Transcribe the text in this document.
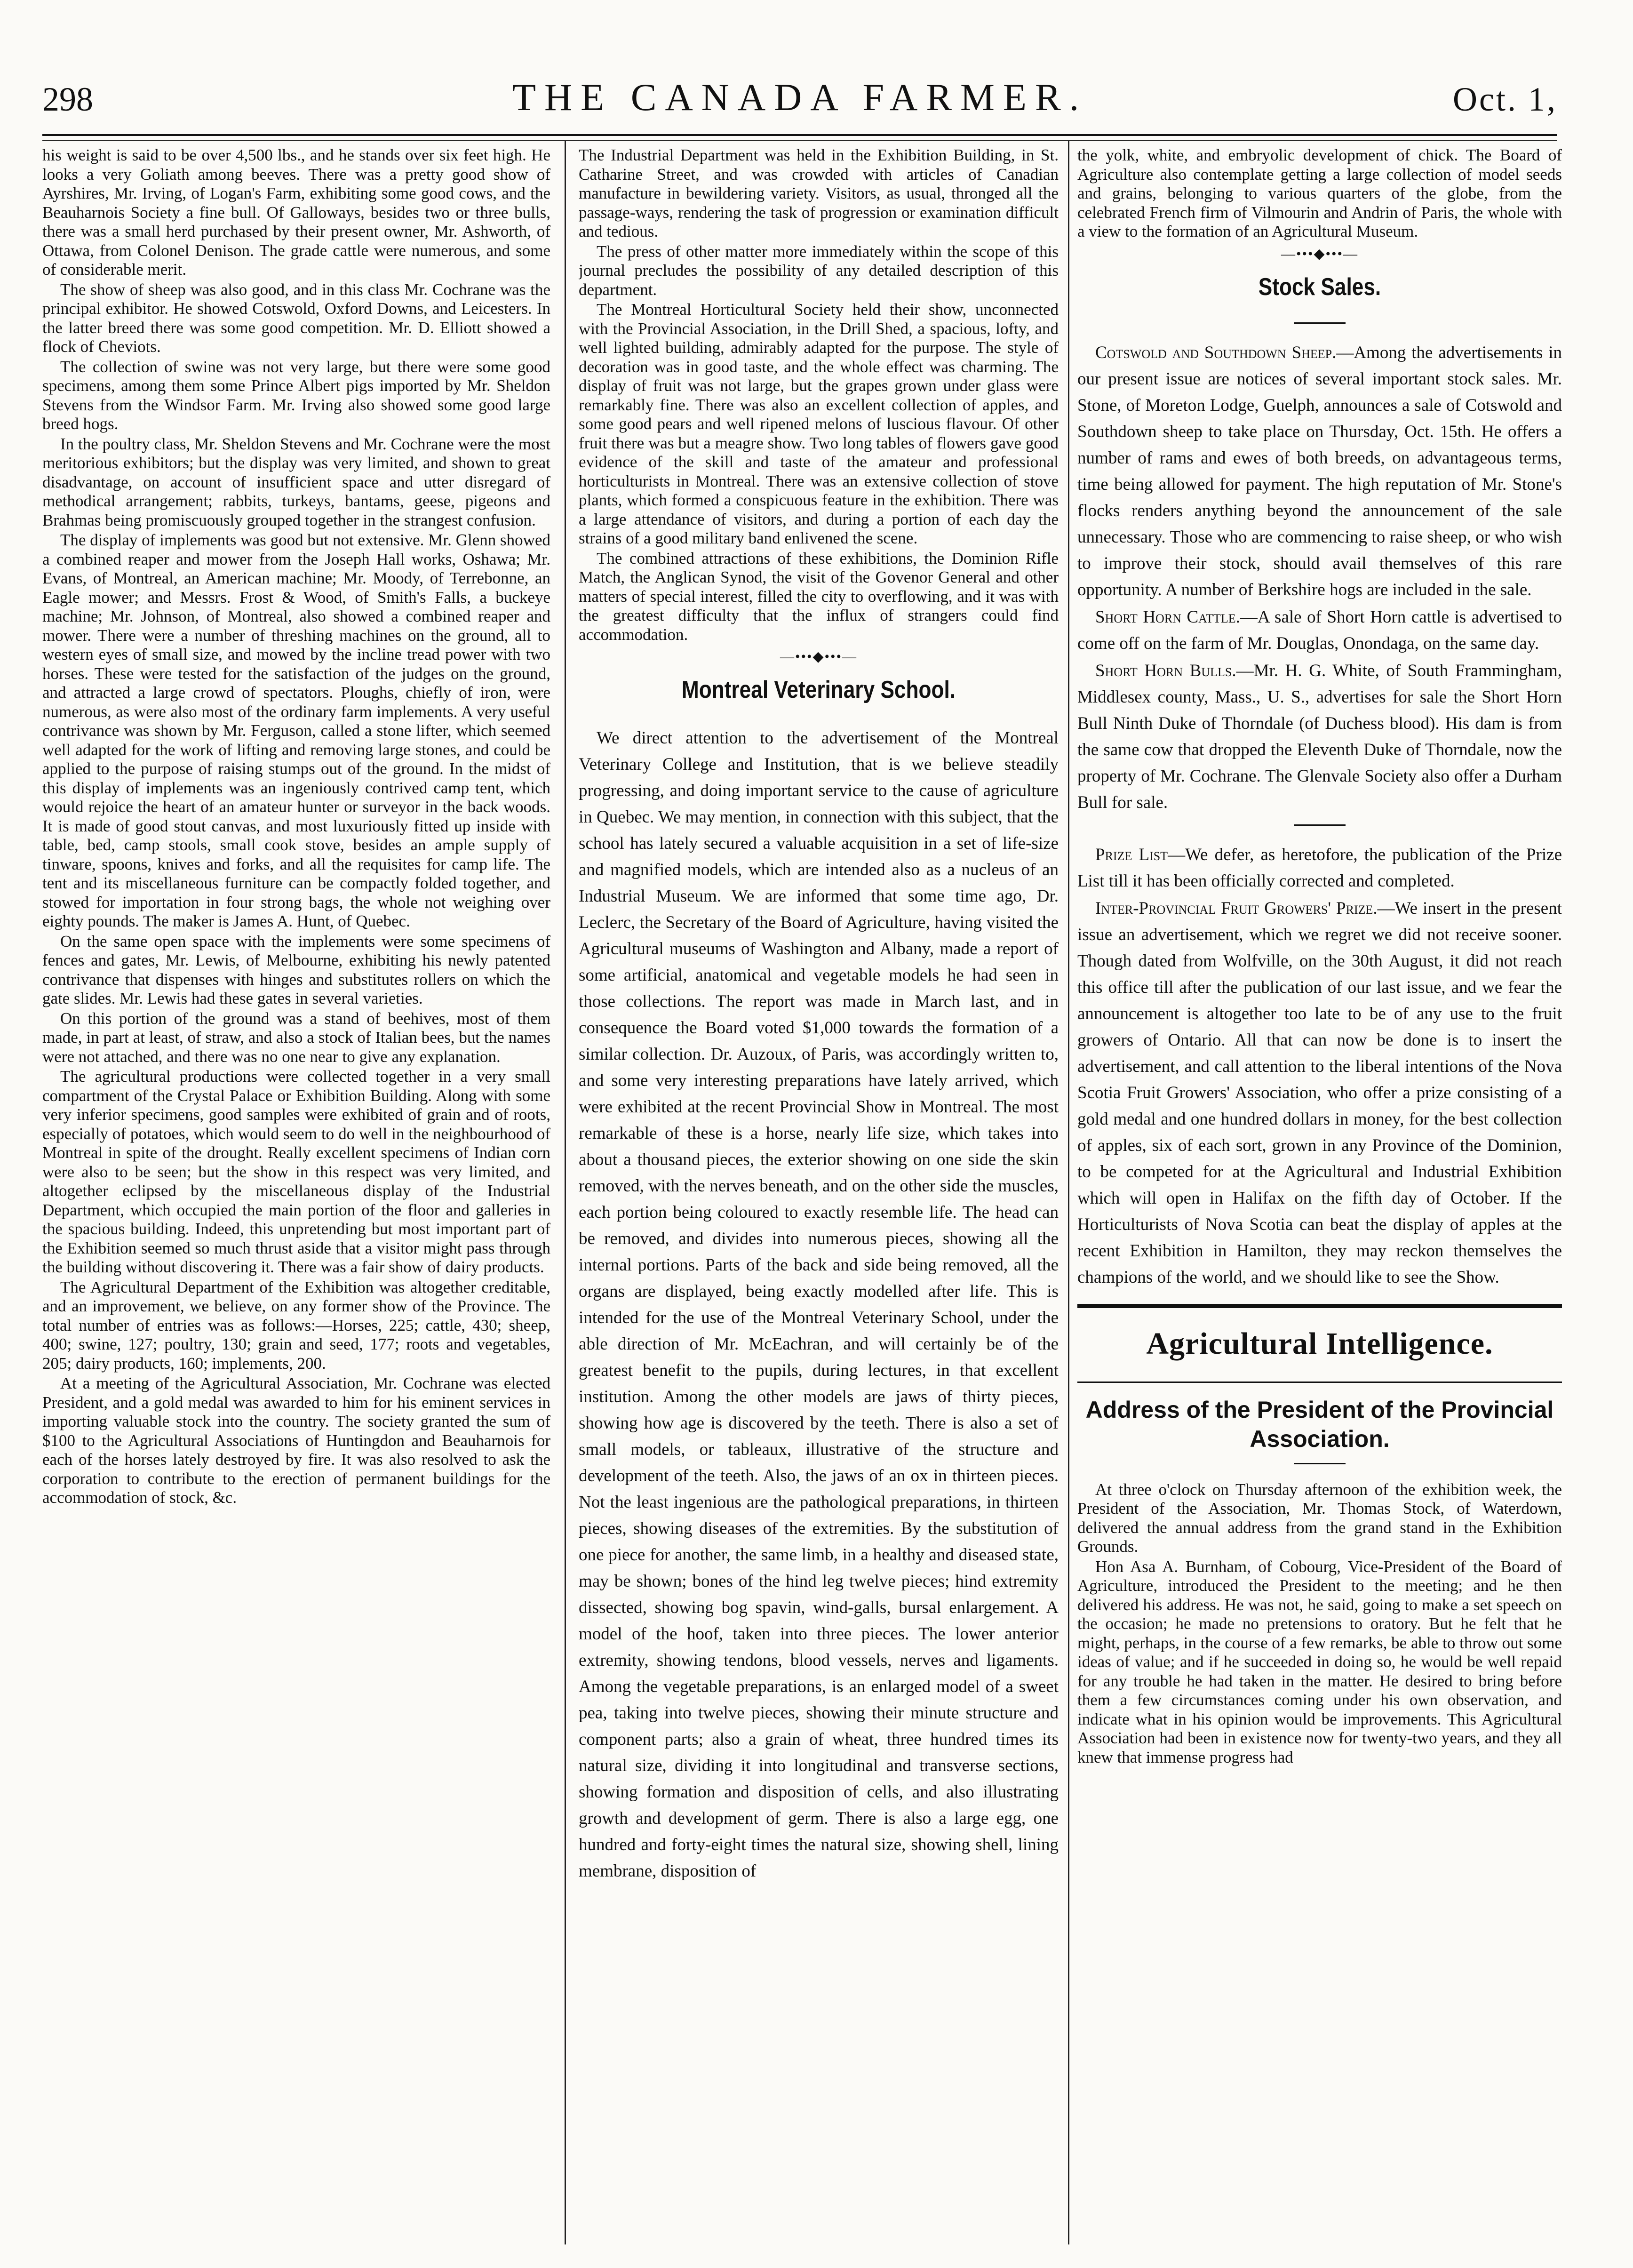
298	THE CANADA FARMER.	Oct. 1,

his weight is said to be over 4,500 lbs., and he stands over six feet high. He looks a very Goliath among beeves. There was a pretty good show of Ayrshires, Mr. Irving, of Logan's Farm, exhibiting some good cows, and the Beauharnois Society a fine bull. Of Galloways, besides two or three bulls, there was a small herd purchased by their present owner, Mr. Ashworth, of Ottawa, from Colonel Denison. The grade cattle were numerous, and some of considerable merit.

The show of sheep was also good, and in this class Mr. Cochrane was the principal exhibitor. He showed Cotswold, Oxford Downs, and Leicesters. In the latter breed there was some good competition. Mr. D. Elliott showed a flock of Cheviots.

The collection of swine was not very large, but there were some good specimens, among them some Prince Albert pigs imported by Mr. Sheldon Stevens from the Windsor Farm. Mr. Irving also showed some good large breed hogs.

In the poultry class, Mr. Sheldon Stevens and Mr. Cochrane were the most meritorious exhibitors; but the display was very limited, and shown to great disadvantage, on account of insufficient space and utter disregard of methodical arrangement; rabbits, turkeys, bantams, geese, pigeons and Brahmas being promiscuously grouped together in the strangest confusion.

The display of implements was good but not extensive. Mr. Glenn showed a combined reaper and mower from the Joseph Hall works, Oshawa; Mr. Evans, of Montreal, an American machine; Mr. Moody, of Terrebonne, an Eagle mower; and Messrs. Frost & Wood, of Smith's Falls, a buckeye machine; Mr. Johnson, of Montreal, also showed a combined reaper and mower. There were a number of threshing machines on the ground, all to western eyes of small size, and mowed by the incline tread power with two horses. These were tested for the satisfaction of the judges on the ground, and attracted a large crowd of spectators. Ploughs, chiefly of iron, were numerous, as were also most of the ordinary farm implements. A very useful contrivance was shown by Mr. Ferguson, called a stone lifter, which seemed well adapted for the work of lifting and removing large stones, and could be applied to the purpose of raising stumps out of the ground. In the midst of this display of implements was an ingeniously contrived camp tent, which would rejoice the heart of an amateur hunter or surveyor in the back woods. It is made of good stout canvas, and most luxuriously fitted up inside with table, bed, camp stools, small cook stove, besides an ample supply of tinware, spoons, knives and forks, and all the requisites for camp life. The tent and its miscellaneous furniture can be compactly folded together, and stowed for importation in four strong bags, the whole not weighing over eighty pounds. The maker is James A. Hunt, of Quebec.

On the same open space with the implements were some specimens of fences and gates, Mr. Lewis, of Melbourne, exhibiting his newly patented contrivance that dispenses with hinges and substitutes rollers on which the gate slides. Mr. Lewis had these gates in several varieties.

On this portion of the ground was a stand of beehives, most of them made, in part at least, of straw, and also a stock of Italian bees, but the names were not attached, and there was no one near to give any explanation.

The agricultural productions were collected together in a very small compartment of the Crystal Palace or Exhibition Building. Along with some very inferior specimens, good samples were exhibited of grain and of roots, especially of potatoes, which would seem to do well in the neighbourhood of Montreal in spite of the drought. Really excellent specimens of Indian corn were also to be seen; but the show in this respect was very limited, and altogether eclipsed by the miscellaneous display of the Industrial Department, which occupied the main portion of the floor and galleries in the spacious building. Indeed, this unpretending but most important part of the Exhibition seemed so much thrust aside that a visitor might pass through the building without discovering it. There was a fair show of dairy products.

The Agricultural Department of the Exhibition was altogether creditable, and an improvement, we believe, on any former show of the Province. The total number of entries was as follows:—Horses, 225; cattle, 430; sheep, 400; swine, 127; poultry, 130; grain and seed, 177; roots and vegetables, 205; dairy products, 160; implements, 200.

At a meeting of the Agricultural Association, Mr. Cochrane was elected President, and a gold medal was awarded to him for his eminent services in importing valuable stock into the country. The society granted the sum of $100 to the Agricultural Associations of Huntingdon and Beauharnois for each of the horses lately destroyed by fire. It was also resolved to ask the corporation to contribute to the erection of permanent buildings for the accommodation of stock, &c.

The Industrial Department was held in the Exhibition Building, in St. Catharine Street, and was crowded with articles of Canadian manufacture in bewildering variety. Visitors, as usual, thronged all the passage-ways, rendering the task of progression or examination difficult and tedious.

The press of other matter more immediately within the scope of this journal precludes the possibility of any detailed description of this department.

The Montreal Horticultural Society held their show, unconnected with the Provincial Association, in the Drill Shed, a spacious, lofty, and well lighted building, admirably adapted for the purpose. The style of decoration was in good taste, and the whole effect was charming. The display of fruit was not large, but the grapes grown under glass were remarkably fine. There was also an excellent collection of apples, and some good pears and well ripened melons of luscious flavour. Of other fruit there was but a meagre show. Two long tables of flowers gave good evidence of the skill and taste of the amateur and professional horticulturists in Montreal. There was an extensive collection of stove plants, which formed a conspicuous feature in the exhibition. There was a large attendance of visitors, and during a portion of each day the strains of a good military band enlivened the scene.

The combined attractions of these exhibitions, the Dominion Rifle Match, the Anglican Synod, the visit of the Govenor General and other matters of special interest, filled the city to overflowing, and it was with the greatest difficulty that the influx of strangers could find accommodation.

—•••◆•••—
Montreal Veterinary School.

We direct attention to the advertisement of the Montreal Veterinary College and Institution, that is we believe steadily progressing, and doing important service to the cause of agriculture in Quebec. We may mention, in connection with this subject, that the school has lately secured a valuable acquisition in a set of life-size and magnified models, which are intended also as a nucleus of an Industrial Museum. We are informed that some time ago, Dr. Leclerc, the Secretary of the Board of Agriculture, having visited the Agricultural museums of Washington and Albany, made a report of some artificial, anatomical and vegetable models he had seen in those collections. The report was made in March last, and in consequence the Board voted $1,000 towards the formation of a similar collection. Dr. Auzoux, of Paris, was accordingly written to, and some very interesting preparations have lately arrived, which were exhibited at the recent Provincial Show in Montreal. The most remarkable of these is a horse, nearly life size, which takes into about a thousand pieces, the exterior showing on one side the skin removed, with the nerves beneath, and on the other side the muscles, each portion being coloured to exactly resemble life. The head can be removed, and divides into numerous pieces, showing all the internal portions. Parts of the back and side being removed, all the organs are displayed, being exactly modelled after life. This is intended for the use of the Montreal Veterinary School, under the able direction of Mr. McEachran, and will certainly be of the greatest benefit to the pupils, during lectures, in that excellent institution. Among the other models are jaws of thirty pieces, showing how age is discovered by the teeth. There is also a set of small models, or tableaux, illustrative of the structure and development of the teeth. Also, the jaws of an ox in thirteen pieces. Not the least ingenious are the pathological preparations, in thirteen pieces, showing diseases of the extremities. By the substitution of one piece for another, the same limb, in a healthy and diseased state, may be shown; bones of the hind leg twelve pieces; hind extremity dissected, showing bog spavin, wind-galls, bursal enlargement. A model of the hoof, taken into three pieces. The lower anterior extremity, showing tendons, blood vessels, nerves and ligaments. Among the vegetable preparations, is an enlarged model of a sweet pea, taking into twelve pieces, showing their minute structure and component parts; also a grain of wheat, three hundred times its natural size, dividing it into longitudinal and transverse sections, showing formation and disposition of cells, and also illustrating growth and development of germ. There is also a large egg, one hundred and forty-eight times the natural size, showing shell, lining membrane, disposition of

the yolk, white, and embryolic development of chick. The Board of Agriculture also contemplate getting a large collection of model seeds and grains, belonging to various quarters of the globe, from the celebrated French firm of Vilmourin and Andrin of Paris, the whole with a view to the formation of an Agricultural Museum.

—•••◆•••—
Stock Sales.

Cotswold and Southdown Sheep.—Among the advertisements in our present issue are notices of several important stock sales. Mr. Stone, of Moreton Lodge, Guelph, announces a sale of Cotswold and Southdown sheep to take place on Thursday, Oct. 15th. He offers a number of rams and ewes of both breeds, on advantageous terms, time being allowed for payment. The high reputation of Mr. Stone's flocks renders anything beyond the announcement of the sale unnecessary. Those who are commencing to raise sheep, or who wish to improve their stock, should avail themselves of this rare opportunity. A number of Berkshire hogs are included in the sale.

Short Horn Cattle.—A sale of Short Horn cattle is advertised to come off on the farm of Mr. Douglas, Onondaga, on the same day.

Short Horn Bulls.—Mr. H. G. White, of South Frammingham, Middlesex county, Mass., U. S., advertises for sale the Short Horn Bull Ninth Duke of Thorndale (of Duchess blood). His dam is from the same cow that dropped the Eleventh Duke of Thorndale, now the property of Mr. Cochrane. The Glenvale Society also offer a Durham Bull for sale.

Prize List—We defer, as heretofore, the publication of the Prize List till it has been officially corrected and completed.

Inter-Provincial Fruit Growers' Prize.—We insert in the present issue an advertisement, which we regret we did not receive sooner. Though dated from Wolfville, on the 30th August, it did not reach this office till after the publication of our last issue, and we fear the announcement is altogether too late to be of any use to the fruit growers of Ontario. All that can now be done is to insert the advertisement, and call attention to the liberal intentions of the Nova Scotia Fruit Growers' Association, who offer a prize consisting of a gold medal and one hundred dollars in money, for the best collection of apples, six of each sort, grown in any Province of the Dominion, to be competed for at the Agricultural and Industrial Exhibition which will open in Halifax on the fifth day of October. If the Horticulturists of Nova Scotia can beat the display of apples at the recent Exhibition in Hamilton, they may reckon themselves the champions of the world, and we should like to see the Show.

Agricultural Intelligence.
Address of the President of the Provincial Association.

At three o'clock on Thursday afternoon of the exhibition week, the President of the Association, Mr. Thomas Stock, of Waterdown, delivered the annual address from the grand stand in the Exhibition Grounds.

Hon Asa A. Burnham, of Cobourg, Vice-President of the Board of Agriculture, introduced the President to the meeting; and he then delivered his address. He was not, he said, going to make a set speech on the occasion; he made no pretensions to oratory. But he felt that he might, perhaps, in the course of a few remarks, be able to throw out some ideas of value; and if he succeeded in doing so, he would be well repaid for any trouble he had taken in the matter. He desired to bring before them a few circumstances coming under his own observation, and indicate what in his opinion would be improvements. This Agricultural Association had been in existence now for twenty-two years, and they all knew that immense progress had
